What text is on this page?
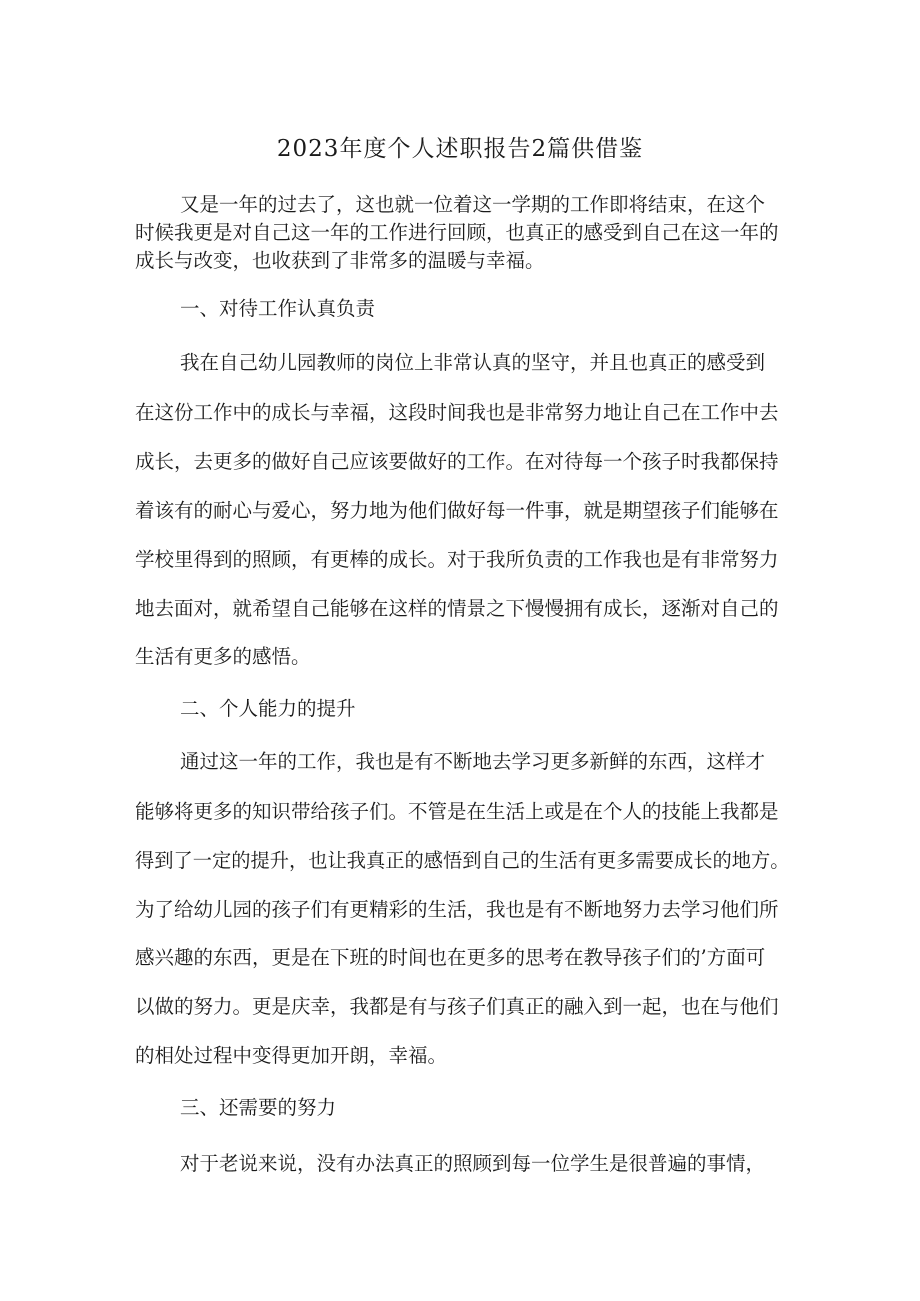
2023年度个人述职报告2篇供借鉴
又是一年的过去了，这也就一位着这一学期的工作即将结束，在这个
时候我更是对自己这一年的工作进行回顾，也真正的感受到自己在这一年的
成长与改变，也收获到了非常多的温暖与幸福。
一、对待工作认真负责
我在自己幼儿园教师的岗位上非常认真的坚守，并且也真正的感受到
在这份工作中的成长与幸福，这段时间我也是非常努力地让自己在工作中去
成长，去更多的做好自己应该要做好的工作。在对待每一个孩子时我都保持
着该有的耐心与爱心，努力地为他们做好每一件事，就是期望孩子们能够在
学校里得到的照顾，有更棒的成长。对于我所负责的工作我也是有非常努力
地去面对，就希望自己能够在这样的情景之下慢慢拥有成长，逐渐对自己的
生活有更多的感悟。
二、个人能力的提升
通过这一年的工作，我也是有不断地去学习更多新鲜的东西，这样才
能够将更多的知识带给孩子们。不管是在生活上或是在个人的技能上我都是
得到了一定的提升，也让我真正的感悟到自己的生活有更多需要成长的地方。
为了给幼儿园的孩子们有更精彩的生活，我也是有不断地努力去学习他们所
感兴趣的东西，更是在下班的时间也在更多的思考在教导孩子们的’方面可
以做的努力。更是庆幸，我都是有与孩子们真正的融入到一起，也在与他们
的相处过程中变得更加开朗，幸福。
三、还需要的努力
对于老说来说，没有办法真正的照顾到每一位学生是很普遍的事情，
